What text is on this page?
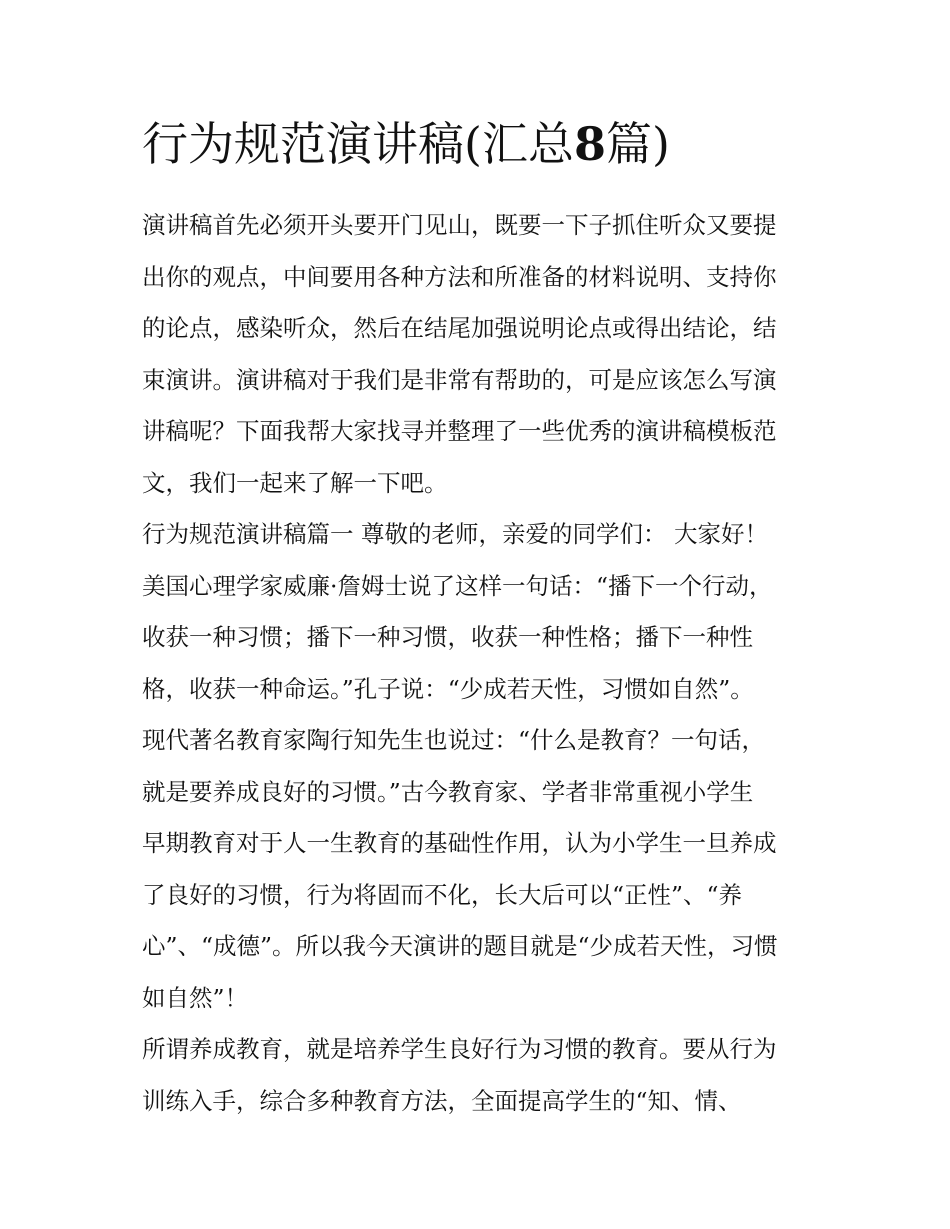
行为规范演讲稿(汇总8篇)

演讲稿首先必须开头要开门见山，既要一下子抓住听众又要提
出你的观点，中间要用各种方法和所准备的材料说明、支持你
的论点，感染听众，然后在结尾加强说明论点或得出结论，结
束演讲。演讲稿对于我们是非常有帮助的，可是应该怎么写演
讲稿呢？下面我帮大家找寻并整理了一些优秀的演讲稿模板范
文，我们一起来了解一下吧。

行为规范演讲稿篇一 尊敬的老师，亲爱的同学们： 大家好！
美国心理学家威廉·詹姆士说了这样一句话：“播下一个行动，
收获一种习惯；播下一种习惯，收获一种性格；播下一种性
格，收获一种命运。”孔子说：“少成若天性，习惯如自然”。
现代著名教育家陶行知先生也说过：“什么是教育？一句话，
就是要养成良好的习惯。”古今教育家、学者非常重视小学生
早期教育对于人一生教育的基础性作用，认为小学生一旦养成
了良好的习惯，行为将固而不化，长大后可以“正性”、“养
心”、“成德”。所以我今天演讲的题目就是“少成若天性，习惯
如自然”！

所谓养成教育，就是培养学生良好行为习惯的教育。要从行为
训练入手，综合多种教育方法，全面提高学生的“知、情、
